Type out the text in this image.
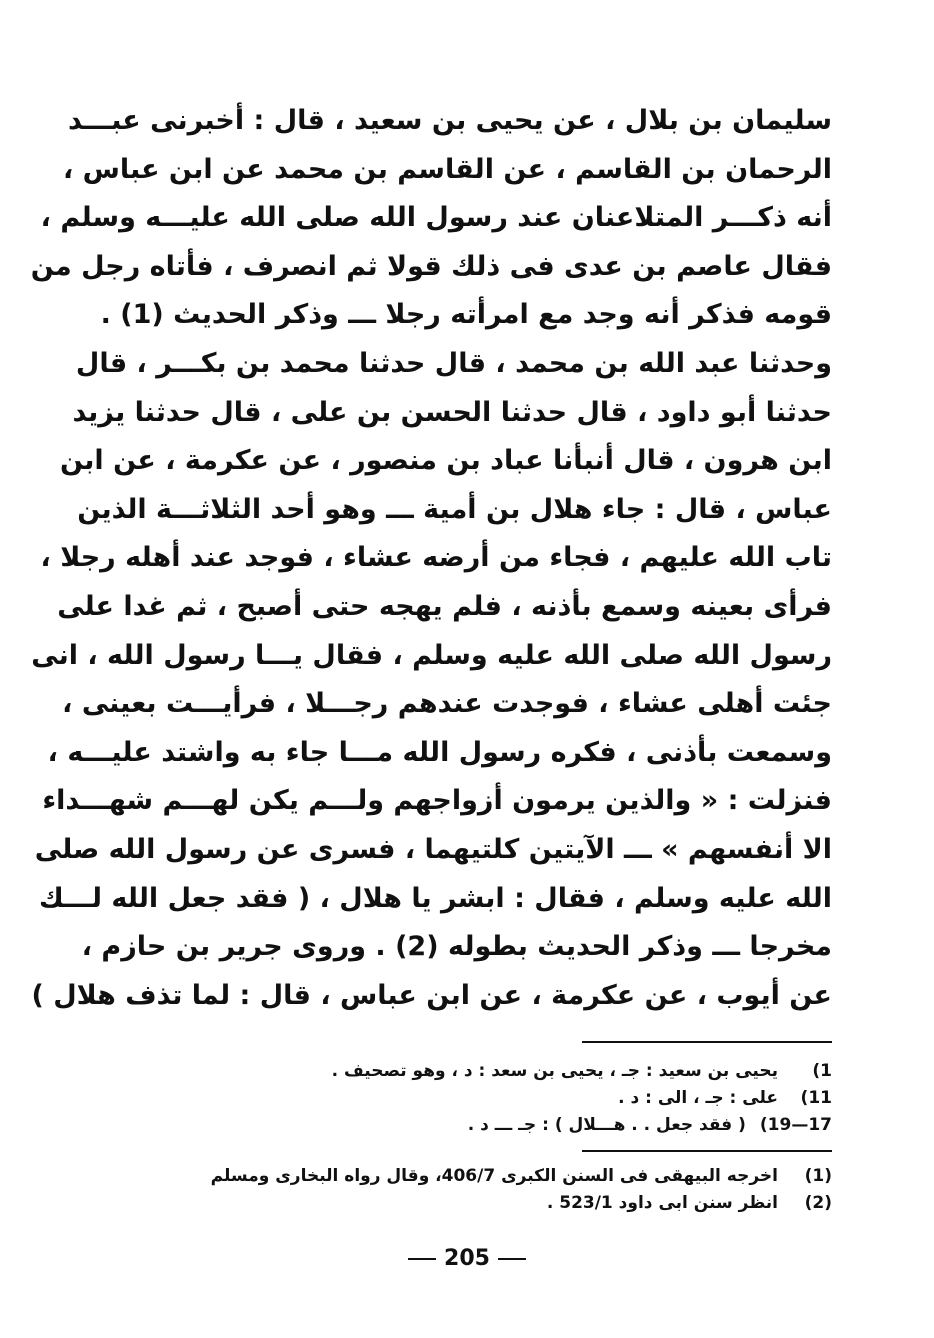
سليمان بن بلال ، عن يحيى بن سعيد ، قال : أخبرنى عبـــد
الرحمان بن القاسم ، عن القاسم بن محمد عن ابن عباس ،
أنه ذكـــر المتلاعنان عند رسول الله صلى الله عليـــه وسلم ،
فقال عاصم بن عدى فى ذلك قولا ثم انصرف ، فأتاه رجل من
قومه فذكر أنه وجد مع امرأته رجلا ـــ وذكر الحديث (1) .
وحدثنا عبد الله بن محمد ، قال حدثنا محمد بن بكـــر ، قال
حدثنا أبو داود ، قال حدثنا الحسن بن على ، قال حدثنا يزيد
ابن هرون ، قال أنبأنا عباد بن منصور ، عن عكرمة ، عن ابن
عباس ، قال : جاء هلال بن أمية ـــ وهو أحد الثلاثـــة الذين
تاب الله عليهم ، فجاء من أرضه عشاء ، فوجد عند أهله رجلا ،
فرأى بعينه وسمع بأذنه ، فلم يهجه حتى أصبح ، ثم غدا على
رسول الله صلى الله عليه وسلم ، فقال يـــا رسول الله ، انى
جئت أهلى عشاء ، فوجدت عندهم رجـــلا ، فرأيـــت بعينى ،
وسمعت بأذنى ، فكره رسول الله مـــا جاء به واشتد عليـــه ،
فنزلت : « والذين يرمون أزواجهم ولـــم يكن لهـــم شهـــداء
الا أنفسهم » ـــ الآيتين كلتيهما ، فسرى عن رسول الله صلى
الله عليه وسلم ، فقال : ابشر يا هلال ، ( فقد جعل الله لـــك
مخرجا ـــ وذكر الحديث بطوله (2) . وروى جرير بن حازم ،
عن أيوب ، عن عكرمة ، عن ابن عباس ، قال : لما تذف هلال )
1)يحيى بن سعيد : جـ ، يحيى بن سعد : د ، وهو تصحيف .
11)على : جـ ، الى : د .
17—19)( فقد جعل . . هـــلال ) : جـ ـــ د .
(1)اخرجه البيهقى فى السنن الكبرى 406/7، وقال رواه البخارى ومسلم
(2)انظر سنن ابى داود 523/1 .
205
